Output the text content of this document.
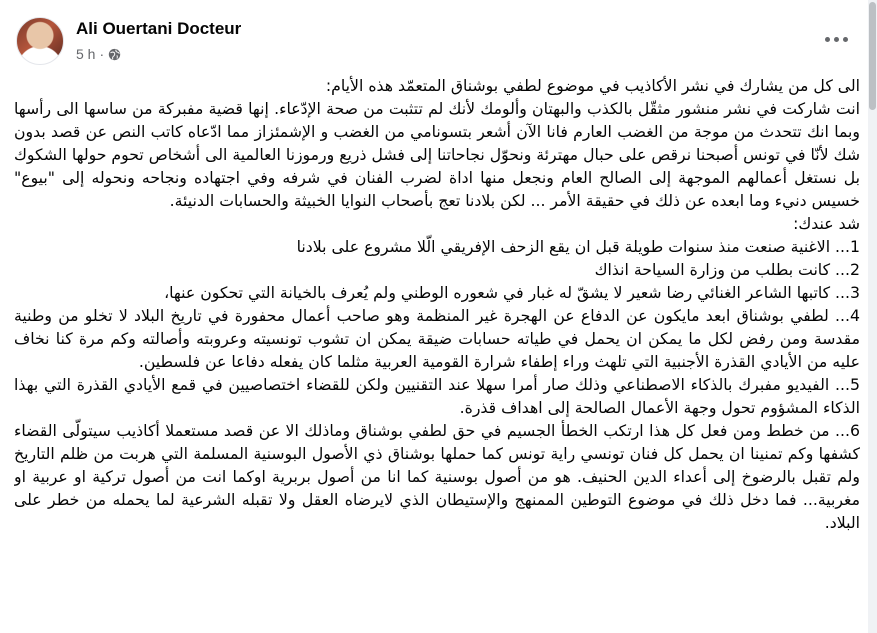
Ali Ouertani Docteur
5 h ·

الى كل من يشارك في نشر الأكاذيب في موضوع لطفي بوشناق المتعمّد هذه الأيام:

انت شاركت في نشر منشور مثقّل بالكذب والبهتان وألومك لأنك لم تتثبت من صحة الإدّعاء. إنها قضية مفبركة من ساسها الى رأسها وبما انك تتحدث من موجة من الغضب العارم فانا الآن أشعر بتسونامي من الغضب و الإشمئزاز مما ادّعاه كاتب النص عن قصد بدون شك لأنّا في تونس أصبحنا نرقص على حبال مهترئة ونحوّل نجاحاتنا إلى فشل ذريع ورموزنا العالمية الى أشخاص تحوم حولها الشكوك بل نستغل أعمالهم الموجهة إلى الصالح العام ونجعل منها اداة لضرب الفنان في شرفه وفي اجتهاده ونجاحه ونحوله إلى "بيوع" خسيس دنيء وما ابعده عن ذلك في حقيقة الأمر ... لكن بلادنا تعج بأصحاب النوايا الخبيثة والحسابات الدنيئة.

شد عندك:

1... الاغنية صنعت منذ سنوات طويلة قبل ان يقع الزحف الإفريقي الّلا مشروع على بلادنا

2... كانت بطلب من وزارة السياحة انذاك

3... كاتبها الشاعر الغنائي رضا شعير لا يشقّ له غبار في شعوره الوطني ولم يُعرف بالخيانة التي تحكون عنها،

4... لطفي بوشناق ابعد مايكون عن الدفاع عن الهجرة غير المنظمة وهو صاحب أعمال محفورة في تاريخ البلاد لا تخلو من وطنية مقدسة ومن رفض لكل ما يمكن ان يحمل في طياته حسابات ضيقة يمكن ان تشوب تونسيته وعروبته وأصالته وكم مرة كنا نخاف عليه من الأيادي القذرة الأجنبية التي تلهث وراء إطفاء شرارة القومية العربية مثلما كان يفعله دفاعا عن فلسطين.

5... الفيديو مفبرك بالذكاء الاصطناعي وذلك صار أمرا سهلا عند التقنيين ولكن للقضاء اختصاصيين في قمع الأيادي القذرة التي بهذا الذكاء المشؤوم تحول وجهة الأعمال الصالحة إلى اهداف قذرة.

6... من خطط ومن فعل كل هذا ارتكب الخطأ الجسيم في حق لطفي بوشناق وماذلك الا عن قصد مستعملا أكاذيب سيتولّى القضاء كشفها وكم تمنينا ان يحمل كل فنان تونسي راية تونس كما حملها بوشناق ذي الأصول البوسنية المسلمة التي هربت من ظلم التاريخ ولم تقبل بالرضوخ إلى أعداء الدين الحنيف. هو من أصول بوسنية كما انا من أصول بربرية اوكما انت من أصول تركية او عربية او مغربية... فما دخل ذلك في موضوع التوطين الممنهج والإستيطان الذي لايرضاه العقل ولا تقبله الشرعية لما يحمله من خطر على البلاد.
